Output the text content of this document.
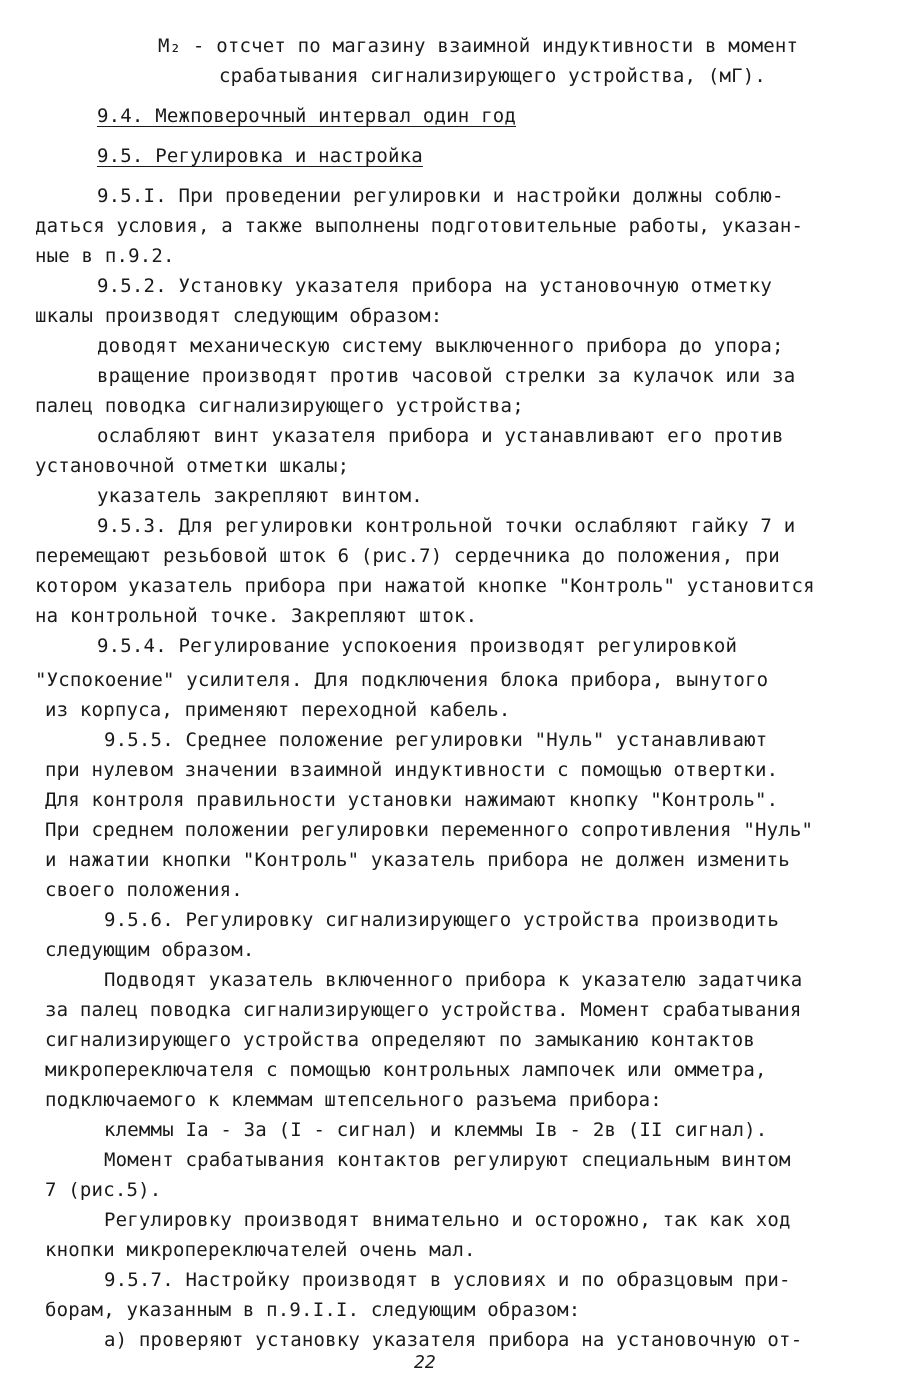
M₂ - отсчет по магазину взаимной индуктивности в момент
срабатывания сигнализирующего устройства, (мГ).
9.4. Межповерочный интервал один год
9.5. Регулировка и настройка
9.5.I. При проведении регулировки и настройки должны соблю-
даться условия, а также выполнены подготовительные работы, указан-
ные в п.9.2.
9.5.2. Установку указателя прибора на установочную отметку
шкалы производят следующим образом:
доводят механическую систему выключенного прибора до упора;
вращение производят против часовой стрелки за кулачок или за
палец поводка сигнализирующего устройства;
ослабляют винт указателя прибора и устанавливают его против
установочной отметки шкалы;
указатель закрепляют винтом.
9.5.3. Для регулировки контрольной точки ослабляют гайку 7 и
перемещают резьбовой шток 6 (рис.7) сердечника до положения, при
котором указатель прибора при нажатой кнопке "Контроль" установится
на контрольной точке. Закрепляют шток.
9.5.4. Регулирование успокоения производят регулировкой
"Успокоение" усилителя. Для подключения блока прибора, вынутого
из корпуса, применяют переходной кабель.
9.5.5. Среднее положение регулировки "Нуль" устанавливают
при нулевом значении взаимной индуктивности с помощью отвертки.
Для контроля правильности установки нажимают кнопку "Контроль".
При среднем положении регулировки переменного сопротивления "Нуль"
и нажатии кнопки "Контроль" указатель прибора не должен изменить
своего положения.
9.5.6. Регулировку сигнализирующего устройства производить
следующим образом.
Подводят указатель включенного прибора к указателю задатчика
за палец поводка сигнализирующего устройства. Момент срабатывания
сигнализирующего устройства определяют по замыканию контактов
микропереключателя с помощью контрольных лампочек или омметра,
подключаемого к клеммам штепсельного разъема прибора:
клеммы Iа - 3а (I - сигнал) и клеммы Iв - 2в (II сигнал).
Момент срабатывания контактов регулируют специальным винтом
7 (рис.5).
Регулировку производят внимательно и осторожно, так как ход
кнопки микропереключателей очень мал.
9.5.7. Настройку производят в условиях и по образцовым при-
борам, указанным в п.9.I.I. следующим образом:
а) проверяют установку указателя прибора на установочную от-
22
